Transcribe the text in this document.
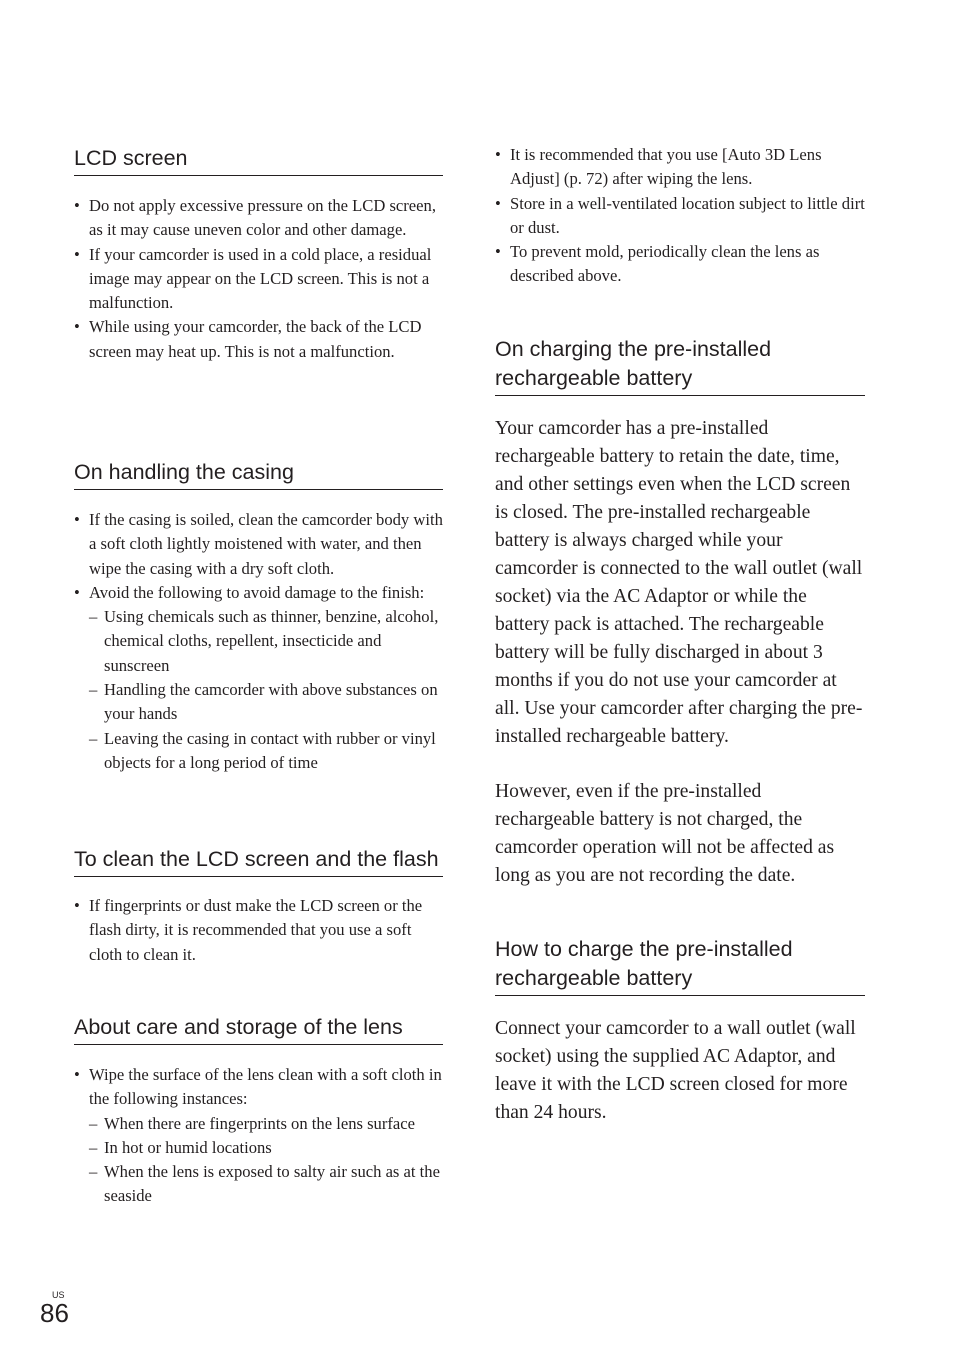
LCD screen
• Do not apply excessive pressure on the LCD screen, as it may cause uneven color and other damage.
• If your camcorder is used in a cold place, a residual image may appear on the LCD screen. This is not a malfunction.
• While using your camcorder, the back of the LCD screen may heat up. This is not a malfunction.
On handling the casing
• If the casing is soiled, clean the camcorder body with a soft cloth lightly moistened with water, and then wipe the casing with a dry soft cloth.
• Avoid the following to avoid damage to the finish:
– Using chemicals such as thinner, benzine, alcohol, chemical cloths, repellent, insecticide and sunscreen
– Handling the camcorder with above substances on your hands
– Leaving the casing in contact with rubber or vinyl objects for a long period of time
To clean the LCD screen and the flash
• If fingerprints or dust make the LCD screen or the flash dirty, it is recommended that you use a soft cloth to clean it.
About care and storage of the lens
• Wipe the surface of the lens clean with a soft cloth in the following instances:
– When there are fingerprints on the lens surface
– In hot or humid locations
– When the lens is exposed to salty air such as at the seaside
• It is recommended that you use [Auto 3D Lens Adjust] (p. 72) after wiping the lens.
• Store in a well-ventilated location subject to little dirt or dust.
• To prevent mold, periodically clean the lens as described above.
On charging the pre-installed rechargeable battery

Your camcorder has a pre-installed rechargeable battery to retain the date, time, and other settings even when the LCD screen is closed. The pre-installed rechargeable battery is always charged while your camcorder is connected to the wall outlet (wall socket) via the AC Adaptor or while the battery pack is attached. The rechargeable battery will be fully discharged in about 3 months if you do not use your camcorder at all. Use your camcorder after charging the pre-installed rechargeable battery.

However, even if the pre-installed rechargeable battery is not charged, the camcorder operation will not be affected as long as you are not recording the date.

How to charge the pre-installed rechargeable battery

Connect your camcorder to a wall outlet (wall socket) using the supplied AC Adaptor, and leave it with the LCD screen closed for more than 24 hours.

US
86
